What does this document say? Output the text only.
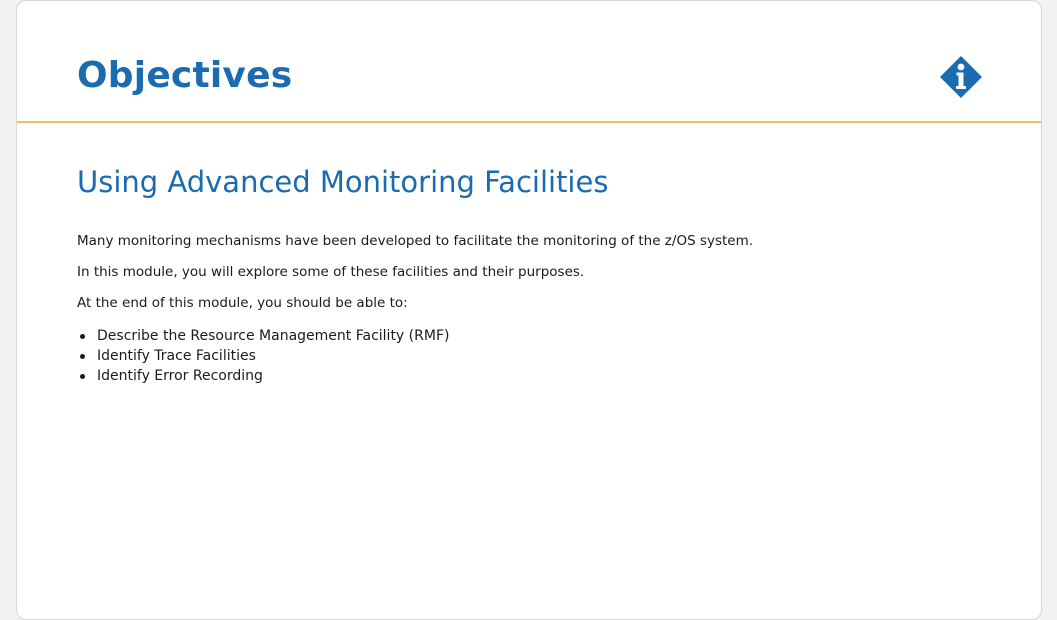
Objectives
Using Advanced Monitoring Facilities

Many monitoring mechanisms have been developed to facilitate the monitoring of the z/OS system.

In this module, you will explore some of these facilities and their purposes.

At the end of this module, you should be able to:

Describe the Resource Management Facility (RMF)
Identify Trace Facilities
Identify Error Recording
